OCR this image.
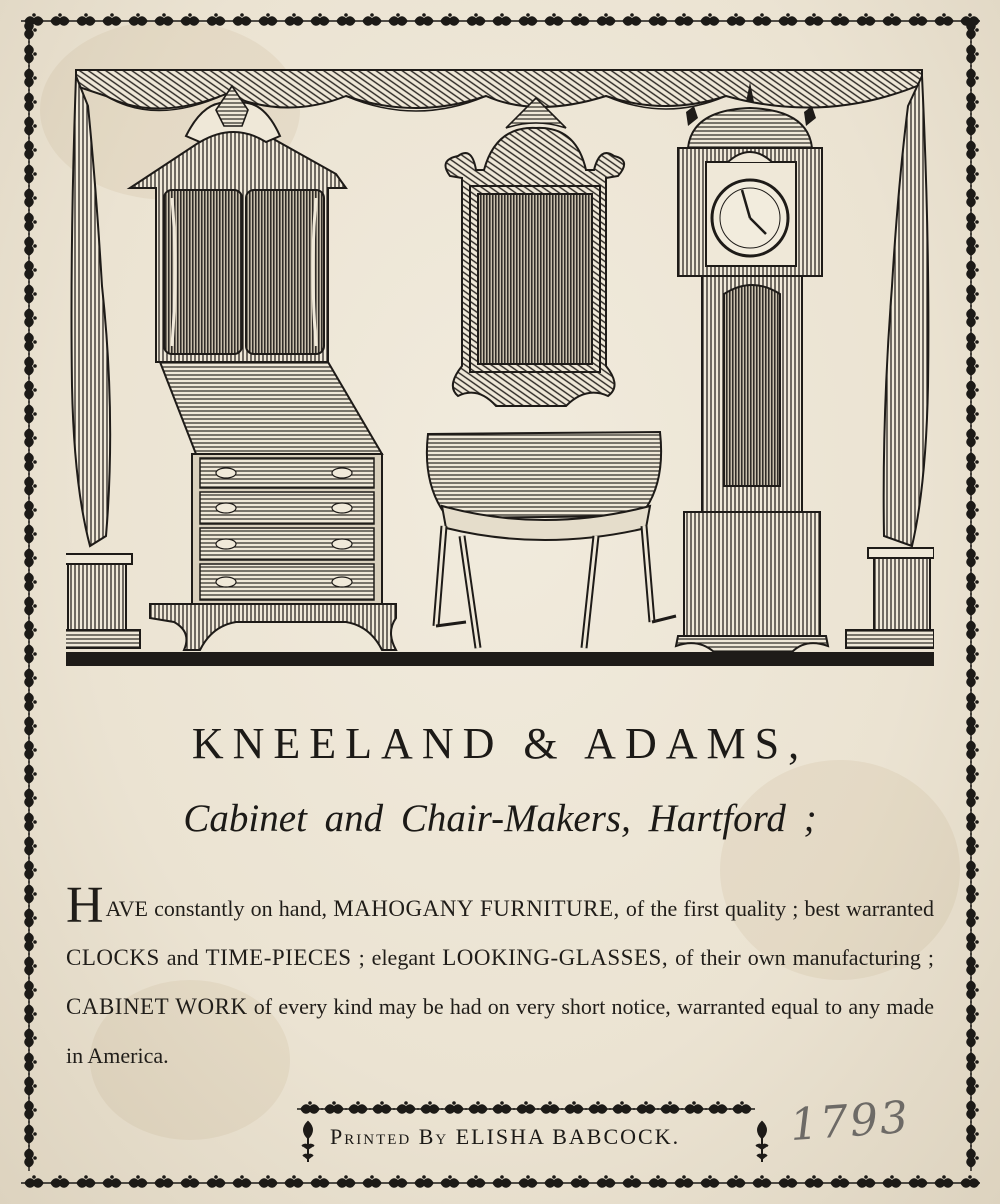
KNEELAND & ADAMS,
Cabinet and Chair-Makers, Hartford ;
HAVE constantly on hand, MAHOGANY FURNITURE, of the first quality ; best warranted CLOCKS and TIME-PIECES ; elegant LOOKING-GLASSES, of their own manufacturing ; CABINET WORK of every kind may be had on very short notice, warranted equal to any made in America.
Printed By ELISHA BABCOCK. 1793
